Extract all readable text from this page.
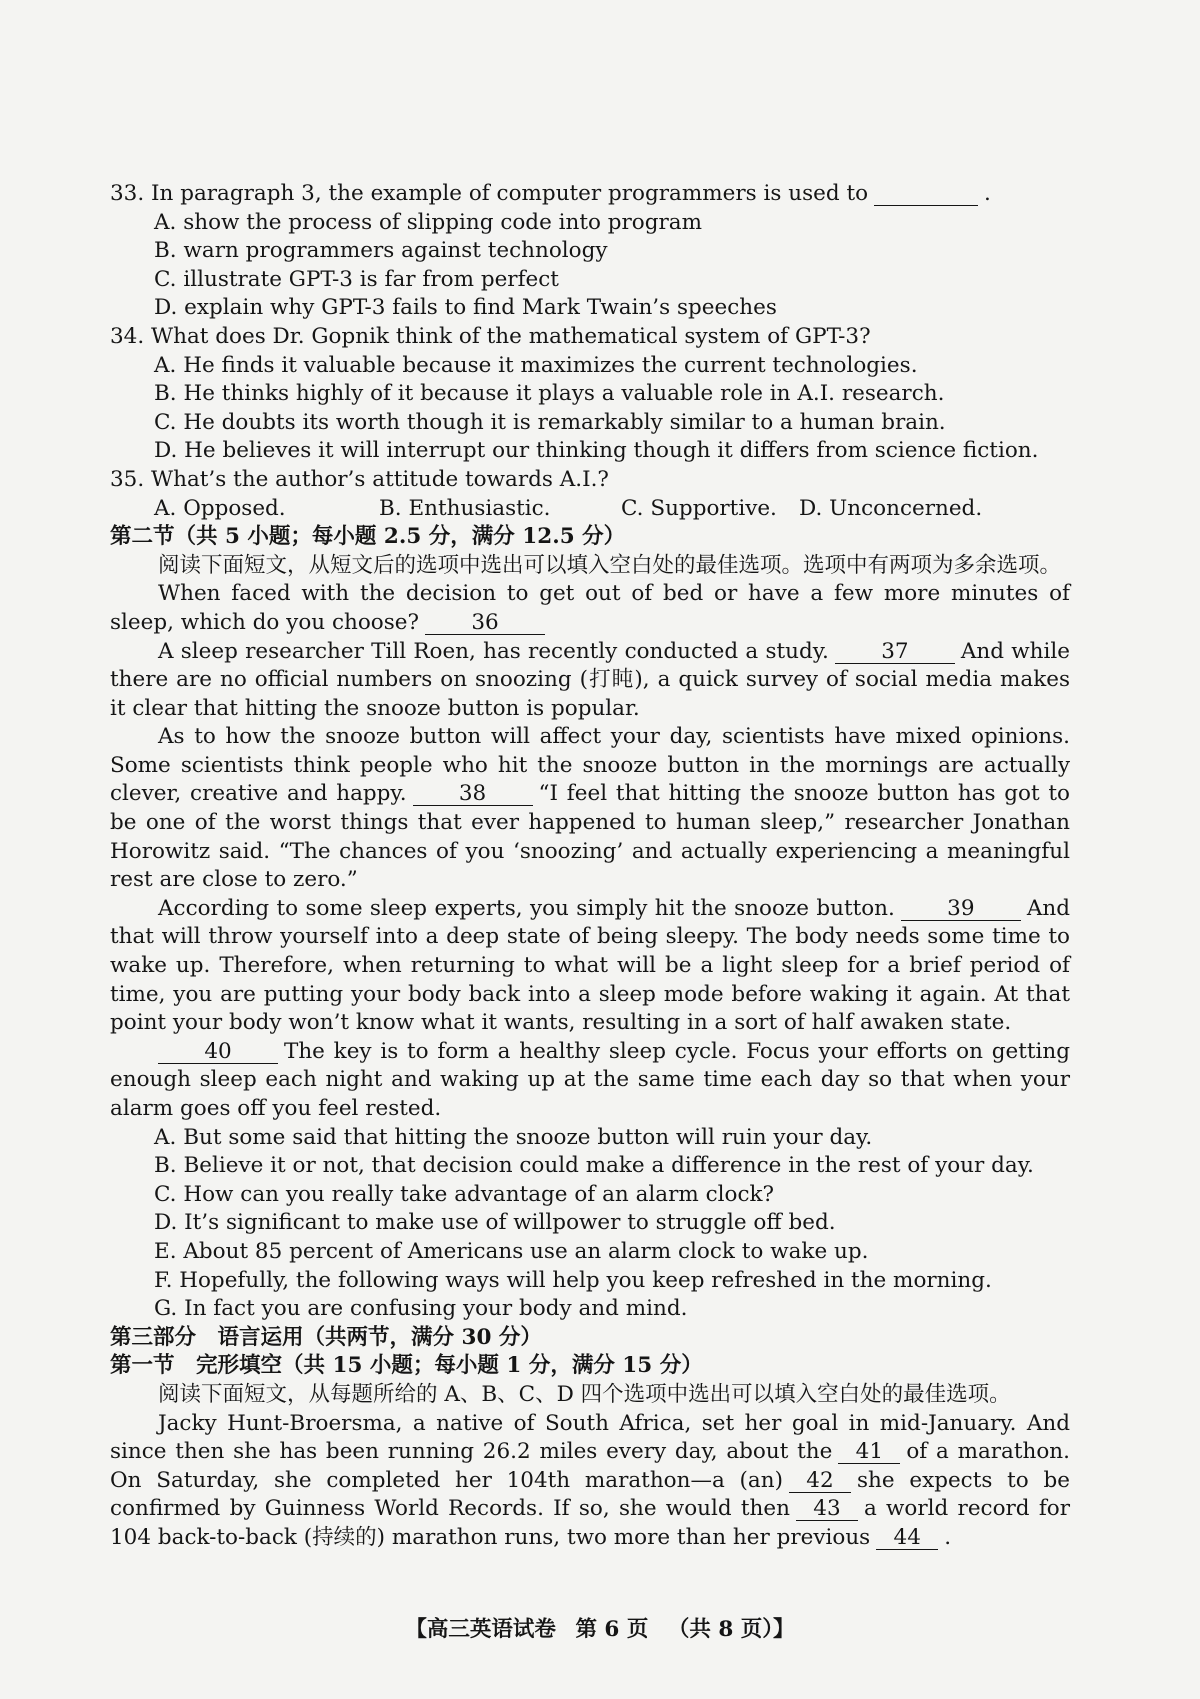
33. In paragraph 3, the example of computer programmers is used to	.

A. show the process of slipping code into program

B. warn programmers against technology

C. illustrate GPT-3 is far from perfect

D. explain why GPT-3 fails to find Mark Twain’s speeches

34. What does Dr. Gopnik think of the mathematical system of GPT-3?

A. He finds it valuable because it maximizes the current technologies.

B. He thinks highly of it because it plays a valuable role in A.I. research.

C. He doubts its worth though it is remarkably similar to a human brain.

D. He believes it will interrupt our thinking though it differs from science fiction.

35. What’s the author’s attitude towards A.I.?

A. Opposed.	B. Enthusiastic.	C. Supportive.	D. Unconcerned.

第二节（共 5 小题；每小题 2.5 分，满分 12.5 分）

阅读下面短文，从短文后的选项中选出可以填入空白处的最佳选项。选项中有两项为多余选项。

When faced with the decision to get out of bed or have a few more minutes of sleep, which do you choose? 36

A sleep researcher Till Roen, has recently conducted a study. 37 And while there are no official numbers on snoozing (打盹), a quick survey of social media makes it clear that hitting the snooze button is popular.

As to how the snooze button will affect your day, scientists have mixed opinions. Some scientists think people who hit the snooze button in the mornings are actually clever, creative and happy. 38 “I feel that hitting the snooze button has got to be one of the worst things that ever happened to human sleep,” researcher Jonathan Horowitz said. “The chances of you ‘snoozing’ and actually experiencing a meaningful rest are close to zero.”

According to some sleep experts, you simply hit the snooze button. 39 And that will throw yourself into a deep state of being sleepy. The body needs some time to wake up. Therefore, when returning to what will be a light sleep for a brief period of time, you are putting your body back into a sleep mode before waking it again. At that point your body won’t know what it wants, resulting in a sort of half awaken state.

40 The key is to form a healthy sleep cycle. Focus your efforts on getting enough sleep each night and waking up at the same time each day so that when your alarm goes off you feel rested.

A. But some said that hitting the snooze button will ruin your day.

B. Believe it or not, that decision could make a difference in the rest of your day.

C. How can you really take advantage of an alarm clock?

D. It’s significant to make use of willpower to struggle off bed.

E. About 85 percent of Americans use an alarm clock to wake up.

F. Hopefully, the following ways will help you keep refreshed in the morning.

G. In fact you are confusing your body and mind.

第三部分　语言运用（共两节，满分 30 分）

第一节　完形填空（共 15 小题；每小题 1 分，满分 15 分）

阅读下面短文，从每题所给的 A、B、C、D 四个选项中选出可以填入空白处的最佳选项。

Jacky Hunt-Broersma, a native of South Africa, set her goal in mid-January. And since then she has been running 26.2 miles every day, about the 41 of a marathon. On Saturday, she completed her 104th marathon—a (an) 42 she expects to be confirmed by Guinness World Records. If so, she would then 43 a world record for 104 back-to-back (持续的) marathon runs, two more than her previous 44 .

【高三英语试卷 第 6 页 （共 8 页）】
